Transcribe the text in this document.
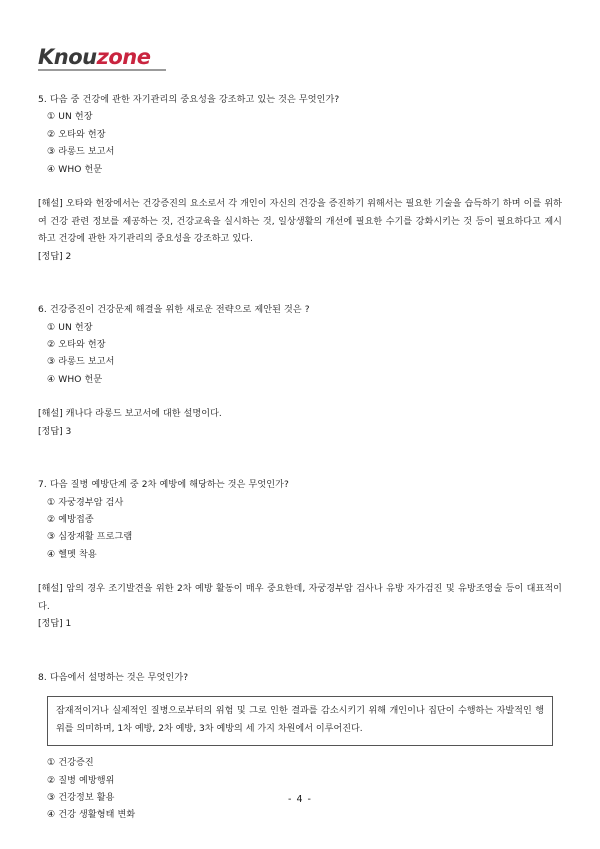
Knouzone
5. 다음 중 건강에 관한 자기관리의 중요성을 강조하고 있는 것은 무엇인가?
① UN 헌장
② 오타와 헌장
③ 라롱드 보고서
④ WHO 헌문
[해설] 오타와 헌장에서는 건강증진의 요소로서 각 개인이 자신의 건강을 증진하기 위해서는 필요한 기술을 습득하기 하며 이를 위하여 건강 관련 정보를 제공하는 것, 건강교육을 실시하는 것, 일상생활의 개선에 필요한 수기를 강화시키는 것 등이 필요하다고 제시하고 건강에 관한 자기관리의 중요성을 강조하고 있다.
[정답] 2
6. 건강증진이 건강문제 해결을 위한 새로운 전략으로 제안된 것은 ?
① UN 헌장
② 오타와 헌장
③ 라롱드 보고서
④ WHO 헌문
[해설] 캐나다 라롱드 보고서에 대한 설명이다.
[정답] 3
7. 다음 질병 예방단계 중 2차 예방에 해당하는 것은 무엇인가?
① 자궁경부암 검사
② 예방접종
③ 심장재활 프로그램
④ 헬멧 착용
[해설] 암의 경우 조기발견을 위한 2차 예방 활동이 매우 중요한데, 자궁경부암 검사나 유방 자가검진 및 유방조영술 등이 대표적이다.
[정답] 1
8. 다음에서 설명하는 것은 무엇인가?
잠재적이거나 실제적인 질병으로부터의 위험 및 그로 인한 결과를 감소시키기 위해 개인이나 집단이 수행하는 자발적인 행위를 의미하며, 1차 예방, 2차 예방, 3차 예방의 세 가지 차원에서 이루어진다.
① 건강증진
② 질병 예방행위
③ 건강정보 활용
④ 건강 생활형태 변화
- 4 -
